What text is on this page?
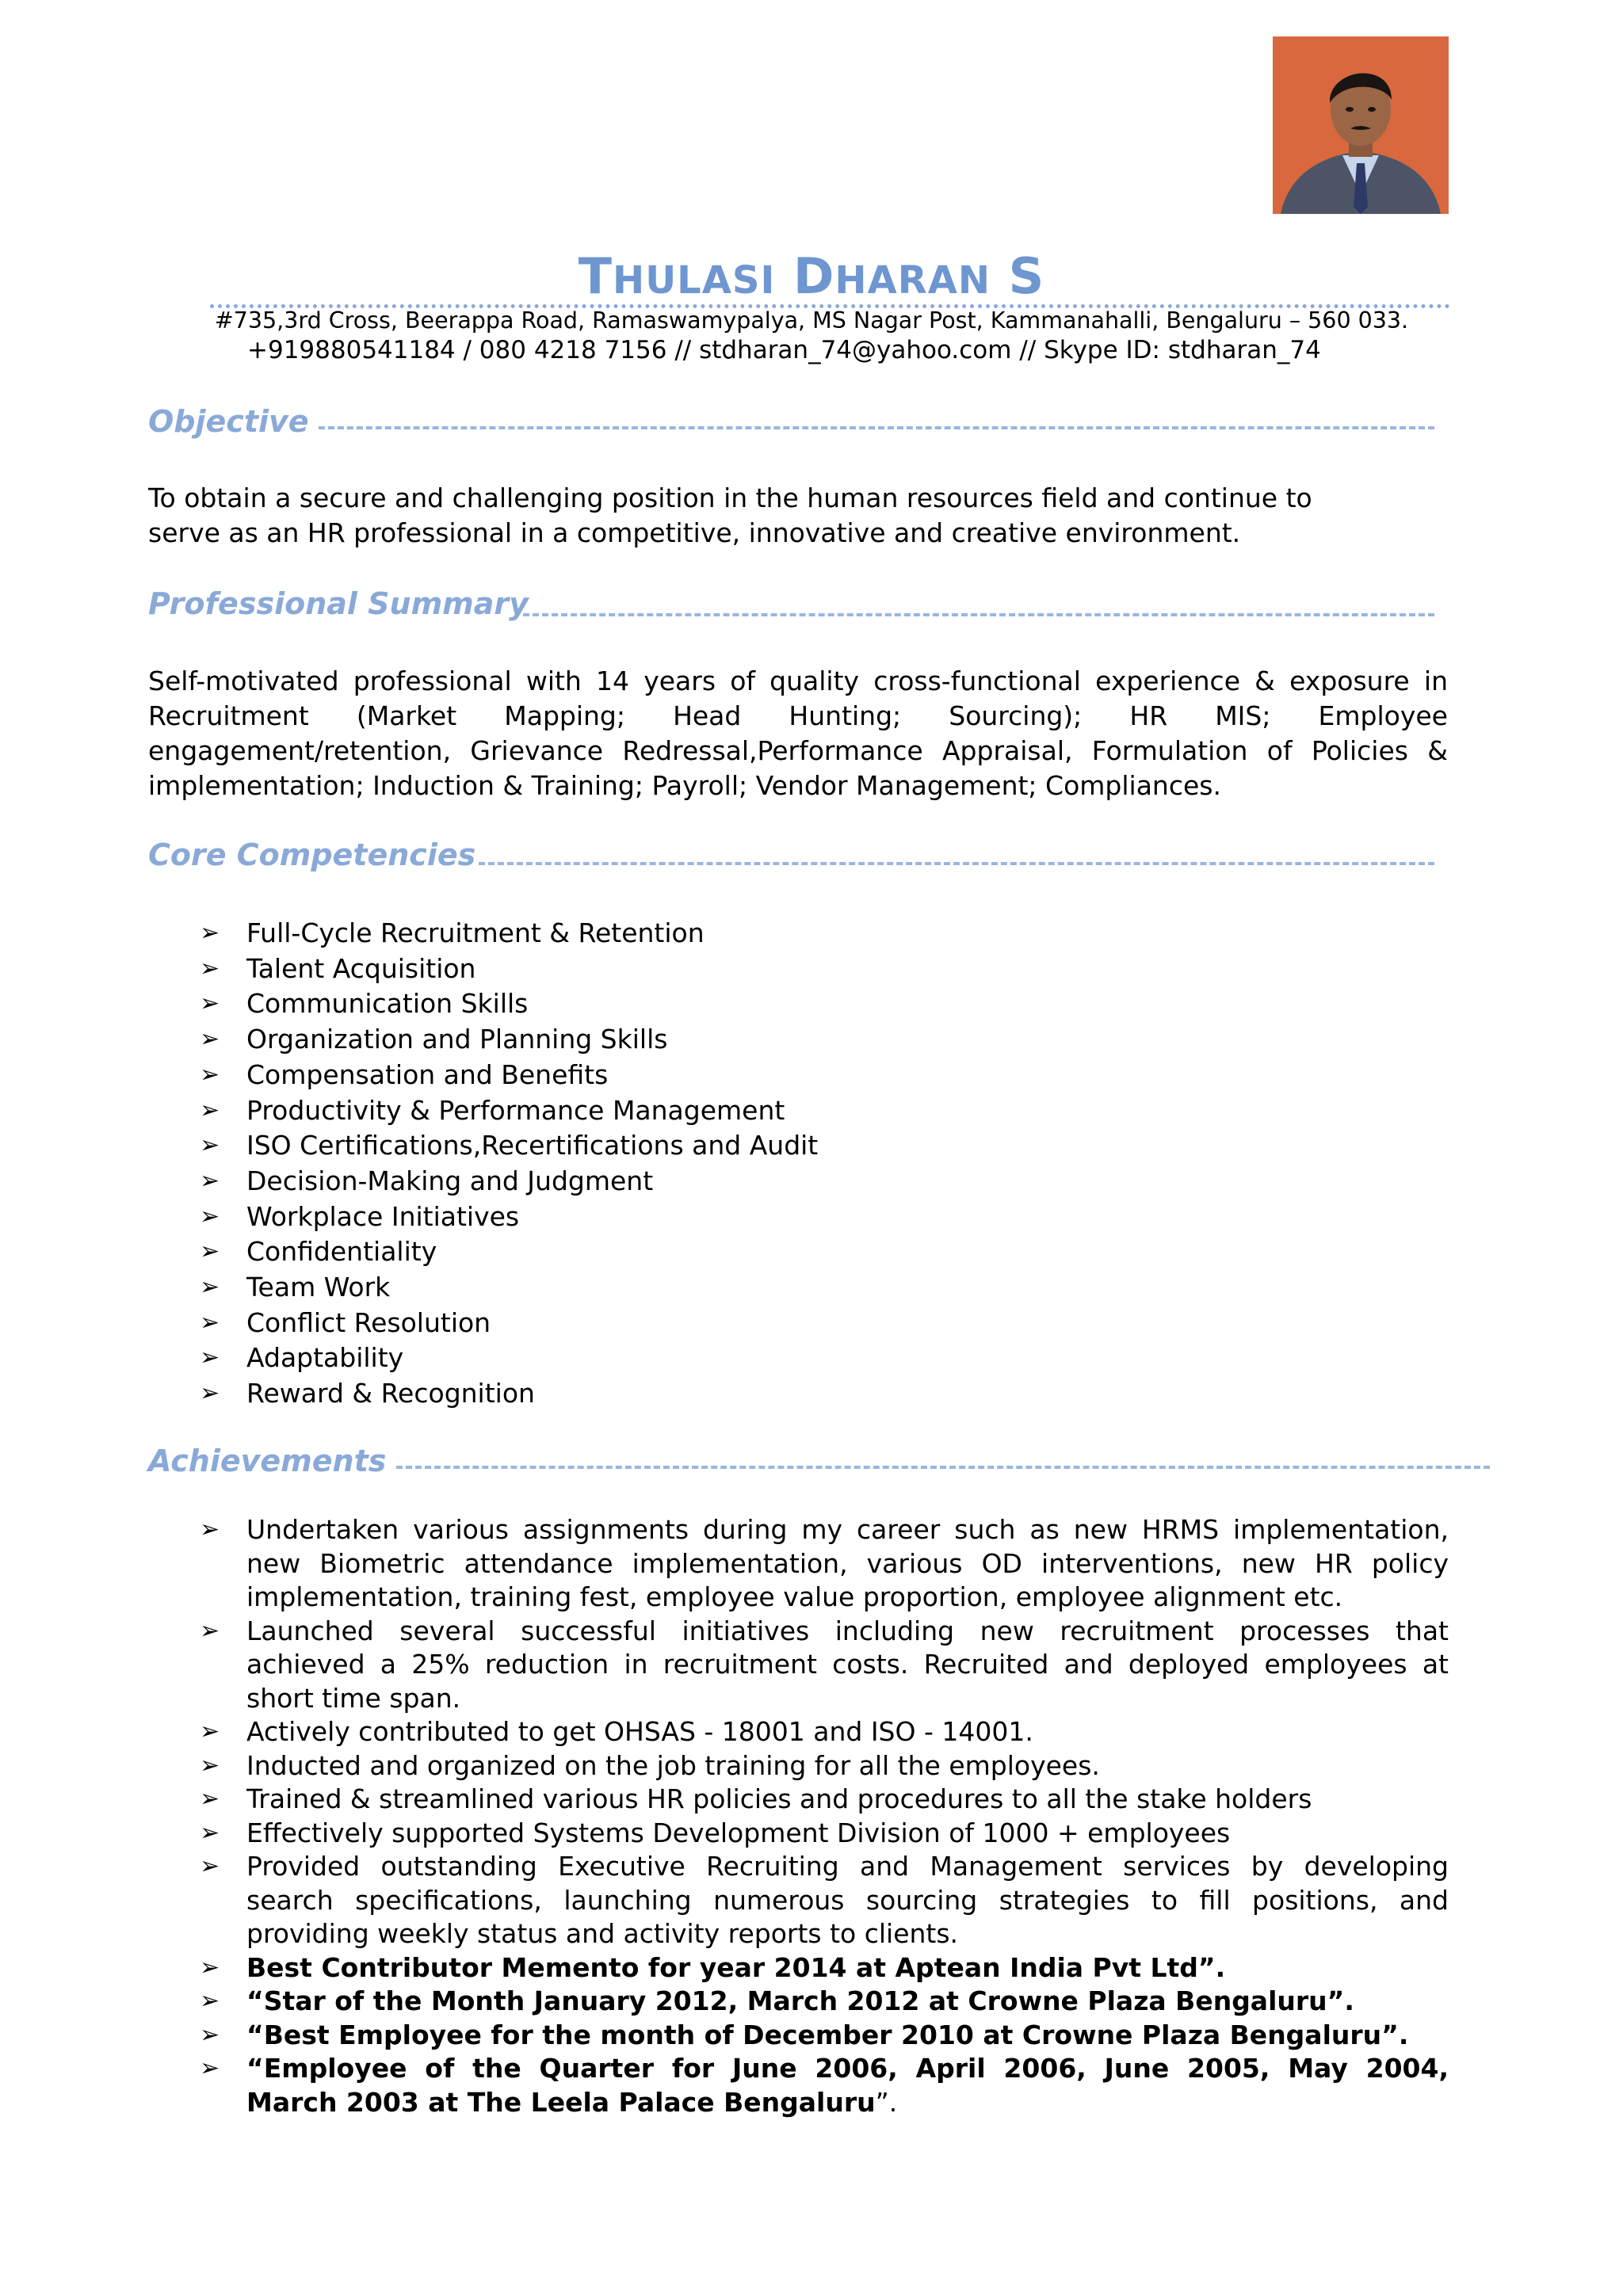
THULASI DHARAN S
#735,3rd Cross, Beerappa Road, Ramaswamypalya, MS Nagar Post, Kammanahalli, Bengaluru – 560 033.
+919880541184 / 080 4218 7156 // stdharan_74@yahoo.com // Skype ID: stdharan_74
Objective
To obtain a secure and challenging position in the human resources field and continue to
serve as an HR professional in a competitive, innovative and creative environment.
Professional Summary
Self-motivated professional with 14 years of quality cross-functional experience & exposure in
Recruitment (Market Mapping; Head Hunting; Sourcing); HR MIS; Employee
engagement/retention, Grievance Redressal,Performance Appraisal, Formulation of Policies &
implementation; Induction & Training; Payroll; Vendor Management; Compliances.
Core Competencies
➢ Full-Cycle Recruitment & Retention
➢ Talent Acquisition
➢ Communication Skills
➢ Organization and Planning Skills
➢ Compensation and Benefits
➢ Productivity & Performance Management
➢ ISO Certifications,Recertifications and Audit
➢ Decision-Making and Judgment
➢ Workplace Initiatives
➢ Confidentiality
➢ Team Work
➢ Conflict Resolution
➢ Adaptability
➢ Reward & Recognition
Achievements
➢ Undertaken various assignments during my career such as new HRMS implementation,
new Biometric attendance implementation, various OD interventions, new HR policy
implementation, training fest, employee value proportion, employee alignment etc.
➢ Launched several successful initiatives including new recruitment processes that
achieved a 25% reduction in recruitment costs. Recruited and deployed employees at
short time span.
➢ Actively contributed to get OHSAS - 18001 and ISO - 14001.
➢ Inducted and organized on the job training for all the employees.
➢ Trained & streamlined various HR policies and procedures to all the stake holders
➢ Effectively supported Systems Development Division of 1000 + employees
➢ Provided outstanding Executive Recruiting and Management services by developing
search specifications, launching numerous sourcing strategies to fill positions, and
providing weekly status and activity reports to clients.
➢ Best Contributor Memento for year 2014 at Aptean India Pvt Ltd”.
➢ “Star of the Month January 2012, March 2012 at Crowne Plaza Bengaluru”.
➢ “Best Employee for the month of December 2010 at Crowne Plaza Bengaluru”.
➢ “Employee of the Quarter for June 2006, April 2006, June 2005, May 2004,
March 2003 at The Leela Palace Bengaluru”.
